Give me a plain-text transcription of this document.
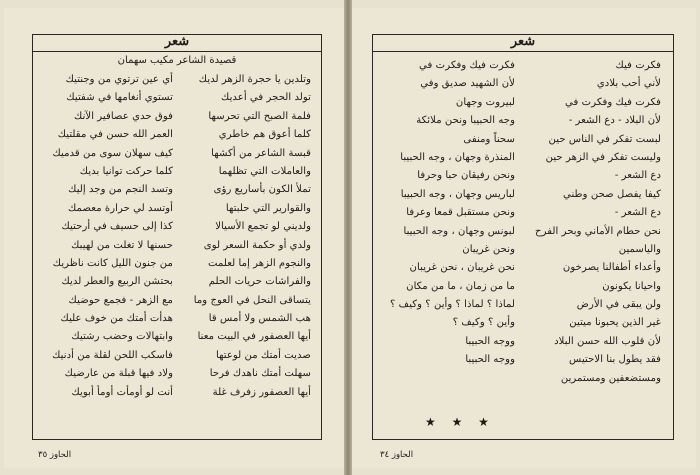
شعر
قصيدة الشاعر مكيب سهمان
وتلدين يا حجرة الزهر لديك
تولد الحجر في أعديك
فلمة الصبح التي تحرسها
كلما أعوق هم خاطري
قبسة الشاعر من أكشها
والعاملات التي تظلهما
تملأ الكون بأساريع رؤى
والقوارير التي حلبتها
ولديني لو تجمع الأسيالا
ولدي أو حكمة السعر لوى
والنجوم الزهر إما لعلمت
والفراشات حريات الحلم
يتساقى النحل في العوج وما
هب الشمس ولا أمس قا
أيها العصفور في البيت معنا
صديت أمتك من لوعتها
سهلت أمتك ناهدك فرحا
أيها العصفور زفرف غلة
أي عين ترتوي من وجنتيك
تستوي أنغامها في شفتيك
فوق حدي عصافير الآنك
العمر الله حسن في مقلتيك
كيف سهلان سوى من قدميك
كلما حركت توانيا بديك
وتسد النجم من وجد إليك
أوتسد لي حرارة معصمك
كذا إلى حسيف في أرحتيك
حسنها لا تغلت من لهيبك
من جنون الليل كانت ناظريك
بحتشن الربيع والعطر لديك
مع الزهر - فجمع حوضيك
هدأت أمتك من خوف عليك
وابتهالات وحضب رشتيك
فاسكب اللحن لقلة من أدنيك
ولاد فيها قبلة من عارضيك
أنت لو أومأت أومأ أبويك
الحاوز ٣٥
شعر
فكرت فيك
لأني أحب بلادي
فكرت فيك وفكرت في
لأن البلاد - دع الشعر -
لبست تفكر في الناس حين
وليست تفكر في الزهر حين
دع الشعر -
كيفا يفصل صحن وطني
دع الشعر -
نحن حطام الأماني وبحر الفرح
والياسمين
وأعداء أطفالنا يصرخون
واحيانا يكونون
ولن يبقى في الأرض
غير الذين يحبونا ميتين
لأن قلوب الله حسن البلاد
فقد يطول بنا الاحتيس
ومستضعفين ومستمرين
فكرت فيك وفكرت في
لأن الشهيد صديق وفي
لبيروت وجهان
وجه الحبيبا ونحن ملائكة
سحناً ومنفى
المنذرة وجهان ، وجه الحبيبا
ونحن رفيقان حبا وحرفا
لباريس وجهان ، وجه الحبيبا
ونحن مستقبل قمعا وعرفا
لبونس وجهان ، وجه الحبيبا
ونحن غريبان
نحن غريبان ، نحن غريبان
ما من زمان ، ما من مكان
لماذا ؟ لماذا ؟ وأين ؟ وكيف ؟
وأين ؟ وكيف ؟
ووجه الحبيبا
ووجه الحبيبا
★ ★ ★
الحاوز ٣٤
